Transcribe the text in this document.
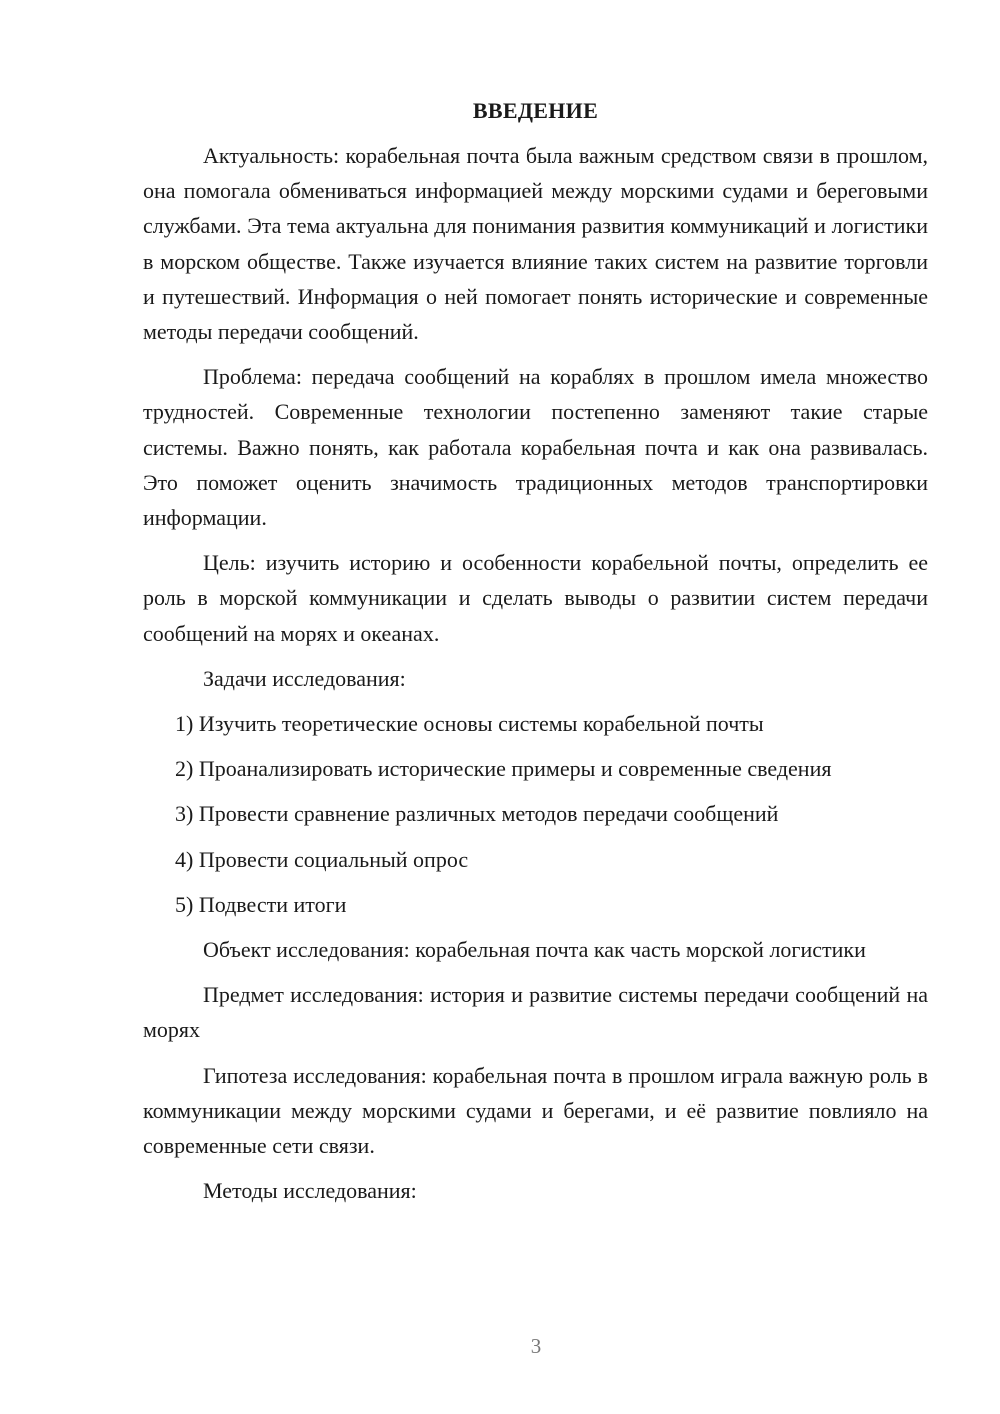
ВВЕДЕНИЕ

Актуальность: корабельная почта была важным средством связи в прошлом, она помогала обмениваться информацией между морскими судами и береговыми службами. Эта тема актуальна для понимания развития коммуникаций и логистики в морском обществе. Также изучается влияние таких систем на развитие торговли и путешествий. Информация о ней помогает понять исторические и современные методы передачи сообщений.

Проблема: передача сообщений на кораблях в прошлом имела множество трудностей. Современные технологии постепенно заменяют такие старые системы. Важно понять, как работала корабельная почта и как она развивалась. Это поможет оценить значимость традиционных методов транспортировки информации.

Цель: изучить историю и особенности корабельной почты, определить ее роль в морской коммуникации и сделать выводы о развитии систем передачи сообщений на морях и океанах.

Задачи исследования:

1) Изучить теоретические основы системы корабельной почты
2) Проанализировать исторические примеры и современные сведения
3) Провести сравнение различных методов передачи сообщений
4) Провести социальный опрос
5) Подвести итоги

Объект исследования: корабельная почта как часть морской логистики

Предмет исследования: история и развитие системы передачи сообщений на морях

Гипотеза исследования: корабельная почта в прошлом играла важную роль в коммуникации между морскими судами и берегами, и её развитие повлияло на современные сети связи.

Методы исследования:

3
